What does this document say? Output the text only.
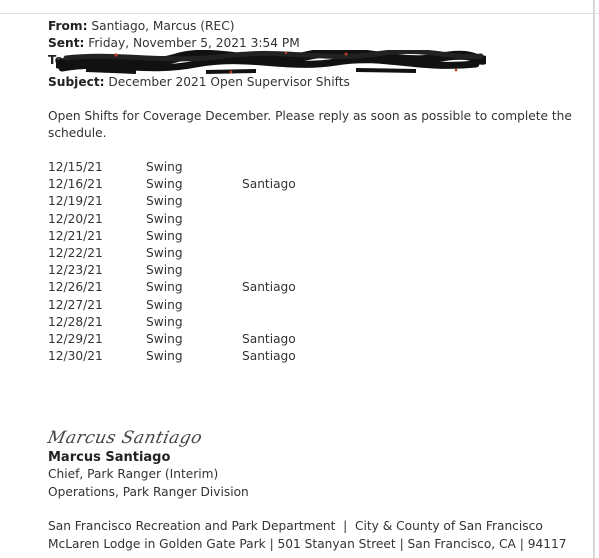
From: Santiago, Marcus (REC)
Sent: Friday, November 5, 2021 3:54 PM
To:
Subject: December 2021 Open Supervisor Shifts
Open Shifts for Coverage December. Please reply as soon as possible to complete the schedule.
12/15/21	Swing
12/16/21	Swing	Santiago
12/19/21	Swing
12/20/21	Swing
12/21/21	Swing
12/22/21	Swing
12/23/21	Swing
12/26/21	Swing	Santiago
12/27/21	Swing
12/28/21	Swing
12/29/21	Swing	Santiago
12/30/21	Swing	Santiago
Marcus Santiago
Marcus Santiago
Chief, Park Ranger (Interim)
Operations, Park Ranger Division
San Francisco Recreation and Park Department  |  City & County of San Francisco
McLaren Lodge in Golden Gate Park | 501 Stanyan Street | San Francisco, CA | 94117
